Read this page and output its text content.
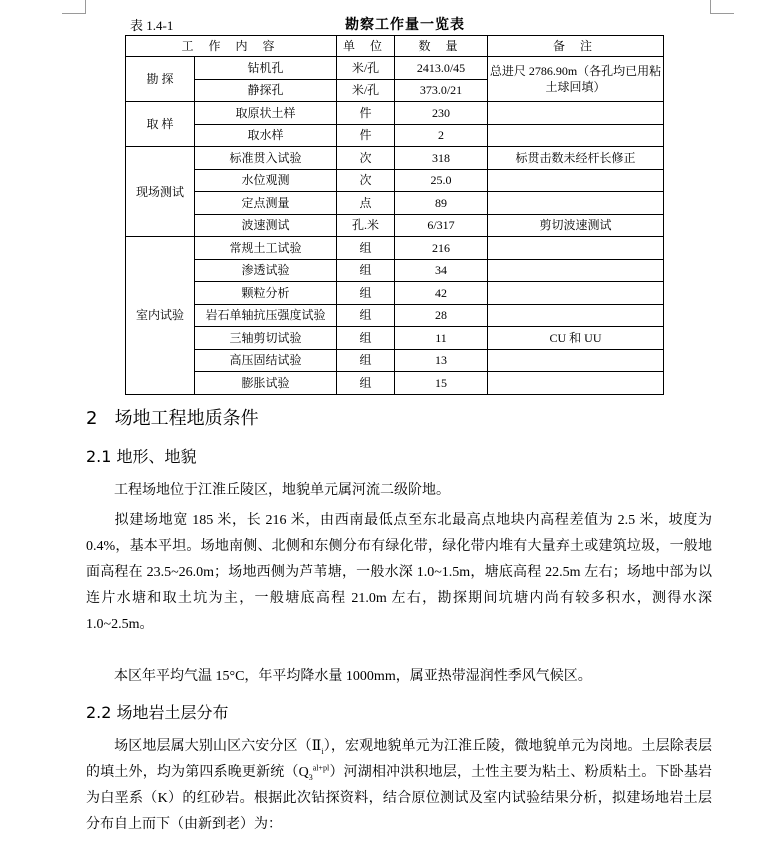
表 1.4-1	勘察工作量一览表
工 作 内 容		单 位	数 量	备 注
勘 探	钻机孔	米/孔	2413.0/45	总进尺 2786.90m（各孔均已用粘土球回填）
	静探孔	米/孔	373.0/21	
取 样	取原状土样	件	230	
	取水样	件	2	
现场测试	标准贯入试验	次	318	标贯击数未经杆长修正
	水位观测	次	25.0	
	定点测量	点	89	
	波速测试	孔.米	6/317	剪切波速测试
室内试验	常规土工试验	组	216	
	渗透试验	组	34	
	颗粒分析	组	42	
	岩石单轴抗压强度试验	组	28	
	三轴剪切试验	组	11	CU 和 UU
	高压固结试验	组	13	
	膨胀试验	组	15	
2   场地工程地质条件
2.1 地形、地貌
工程场地位于江淮丘陵区，地貌单元属河流二级阶地。
拟建场地宽 185 米，长 216 米，由西南最低点至东北最高点地块内高程差值为 2.5 米，坡度为 0.4%，基本平坦。场地南侧、北侧和东侧分布有绿化带，绿化带内堆有大量弃土或建筑垃圾，一般地面高程在 23.5~26.0m；场地西侧为芦苇塘，一般水深 1.0~1.5m，塘底高程 22.5m 左右；场地中部为以连片水塘和取土坑为主，一般塘底高程 21.0m 左右，勘探期间坑塘内尚有较多积水，测得水深 1.0~2.5m。
本区年平均气温 15°C，年平均降水量 1000mm，属亚热带湿润性季风气候区。
2.2 场地岩土层分布
场区地层属大别山区六安分区$(Ⅱ_i)$，宏观地貌单元为江淮丘陵，微地貌单元为岗地。土层除表层的填土外，均为第四系晚更新统$(Q_3^{al+pl})$河湖相冲洪积地层，土性主要为粘土、粉质粘土。下卧基岩为白垩系（K）的红砂岩。根据此次钻探资料，结合原位测试及室内试验结果分析，拟建场地岩土层分布自上而下（由新到老）为：
